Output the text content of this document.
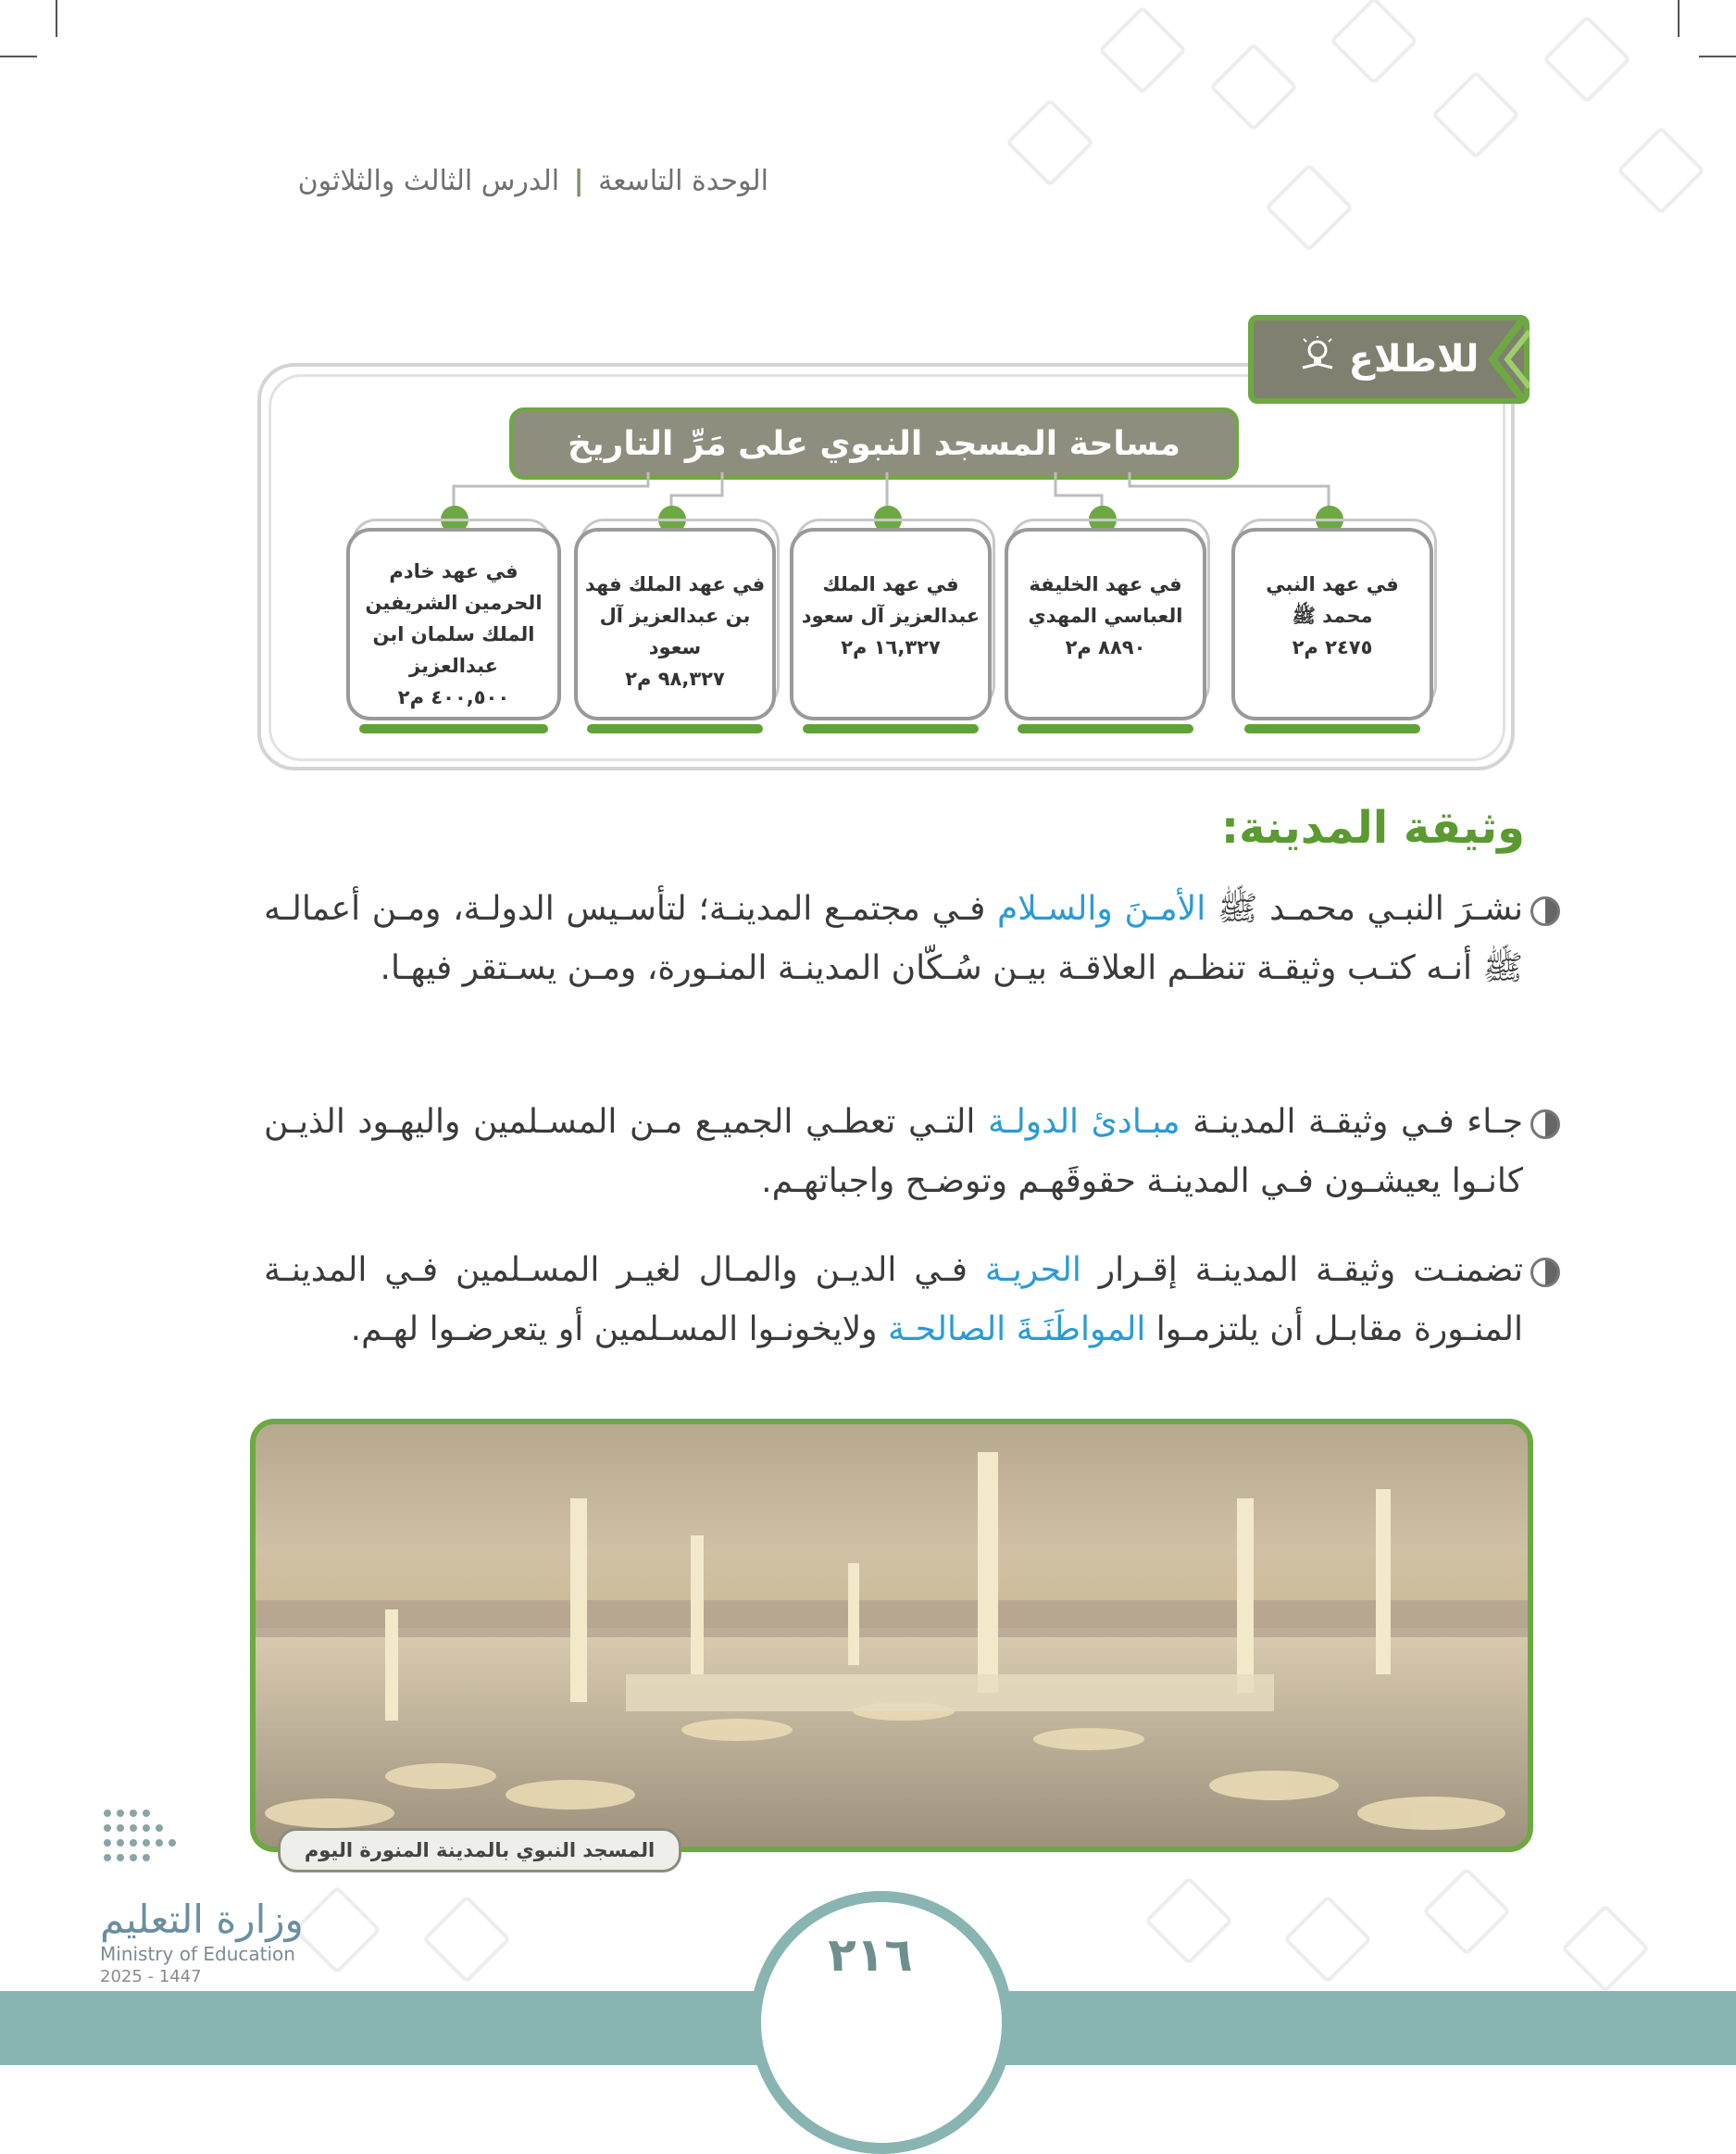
الوحدة التاسعة | الدرس الثالث والثلاثون
للاطلاع
مساحة المسجد النبوي على مَرِّ التاريخ
في عهد النبي محمد ﷺ
٢٤٧٥ م٢
في عهد الخليفة العباسي المهدي
٨٨٩٠ م٢
في عهد الملك عبدالعزيز آل سعود
١٦,٣٢٧ م٢
في عهد الملك فهد بن عبدالعزيز آل سعود
٩٨,٣٢٧ م٢
في عهد خادم الحرمين الشريفين الملك سلمان ابن عبدالعزيز
٤٠٠,٥٠٠ م٢
وثيقة المدينة:
نشـرَ النبـي محمـد ﷺ الأمـنَ والسـلام فـي مجتمـع المدينـة؛ لتأسـيس الدولـة، ومـن أعمالـه ﷺ أنـه كتـب وثيقـة تنظـم العلاقـة بيـن سُـكّان المدينـة المنـورة، ومـن يسـتقر فيهـا.
جـاء فـي وثيقـة المدينـة مبـادئ الدولـة التـي تعطـي الجميـع مـن المسـلمين واليهـود الذيـن كانـوا يعيشـون فـي المدينـة حقوقَهـم وتوضـح واجباتهـم.
تضمنـت وثيقـة المدينـة إقـرار الحريـة فـي الديـن والمـال لغيـر المسـلمين فـي المدينـة المنـورة مقابـل أن يلتزمـوا المواطَنَـةَ الصالحـة ولايخونـوا المسـلمين أو يتعرضـوا لهـم.
المسجد النبوي بالمدينة المنورة اليوم
٢١٦
وزارة التعليم
Ministry of Education
2025 - 1447
